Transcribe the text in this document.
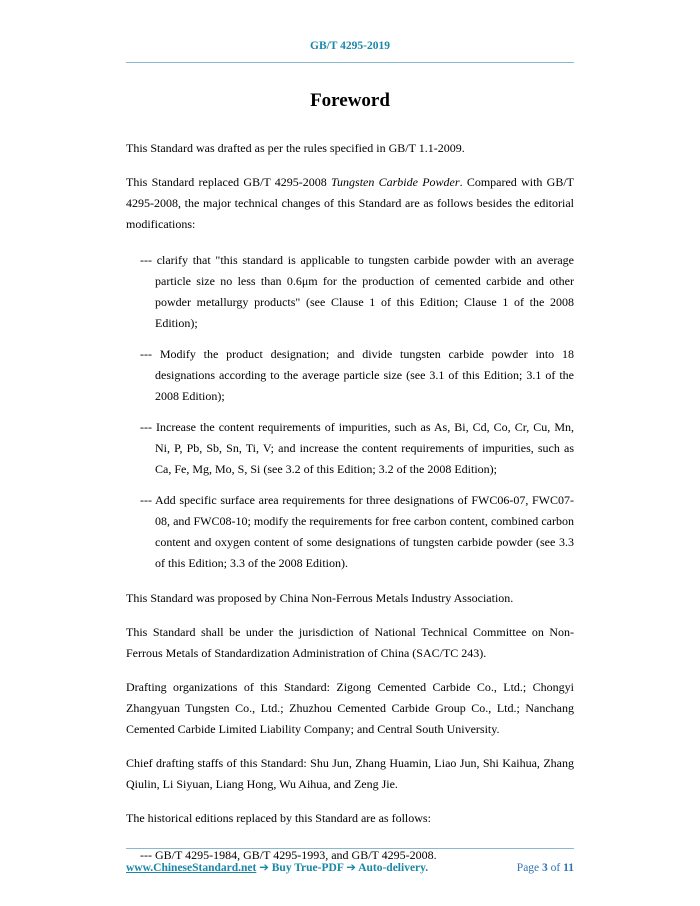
GB/T 4295-2019
Foreword

This Standard was drafted as per the rules specified in GB/T 1.1-2009.

This Standard replaced GB/T 4295-2008 Tungsten Carbide Powder. Compared with GB/T 4295-2008, the major technical changes of this Standard are as follows besides the editorial modifications:

--- clarify that "this standard is applicable to tungsten carbide powder with an average particle size no less than 0.6μm for the production of cemented carbide and other powder metallurgy products" (see Clause 1 of this Edition; Clause 1 of the 2008 Edition);

--- Modify the product designation; and divide tungsten carbide powder into 18 designations according to the average particle size (see 3.1 of this Edition; 3.1 of the 2008 Edition);

--- Increase the content requirements of impurities, such as As, Bi, Cd, Co, Cr, Cu, Mn, Ni, P, Pb, Sb, Sn, Ti, V; and increase the content requirements of impurities, such as Ca, Fe, Mg, Mo, S, Si (see 3.2 of this Edition; 3.2 of the 2008 Edition);

--- Add specific surface area requirements for three designations of FWC06-07, FWC07-08, and FWC08-10; modify the requirements for free carbon content, combined carbon content and oxygen content of some designations of tungsten carbide powder (see 3.3 of this Edition; 3.3 of the 2008 Edition).

This Standard was proposed by China Non-Ferrous Metals Industry Association.

This Standard shall be under the jurisdiction of National Technical Committee on Non-Ferrous Metals of Standardization Administration of China (SAC/TC 243).

Drafting organizations of this Standard: Zigong Cemented Carbide Co., Ltd.; Chongyi Zhangyuan Tungsten Co., Ltd.; Zhuzhou Cemented Carbide Group Co., Ltd.; Nanchang Cemented Carbide Limited Liability Company; and Central South University.

Chief drafting staffs of this Standard: Shu Jun, Zhang Huamin, Liao Jun, Shi Kaihua, Zhang Qiulin, Li Siyuan, Liang Hong, Wu Aihua, and Zeng Jie.

The historical editions replaced by this Standard are as follows:

--- GB/T 4295-1984, GB/T 4295-1993, and GB/T 4295-2008.

www.ChineseStandard.net ➔ Buy True-PDF ➔ Auto-delivery.	Page 3 of 11
